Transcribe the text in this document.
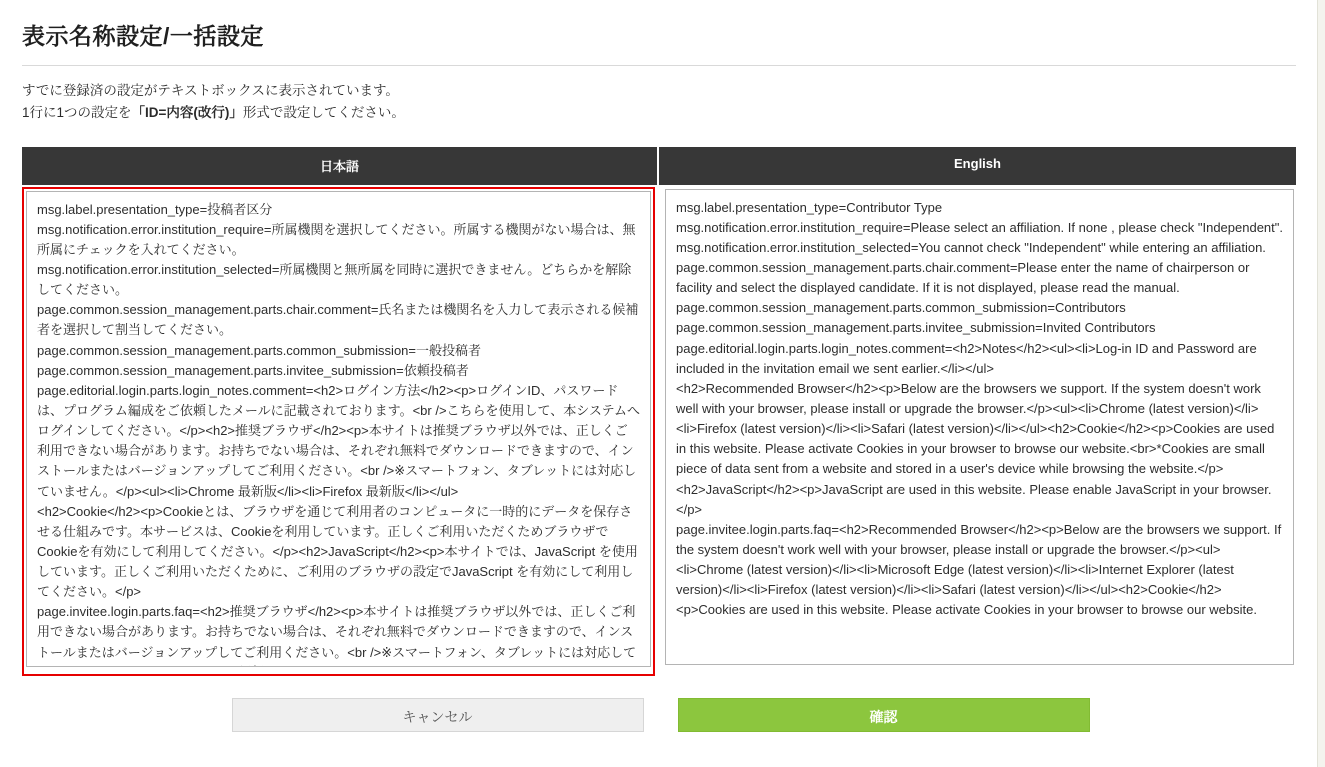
表示名称設定/一括設定
すでに登録済の設定がテキストボックスに表示されています。
1行に1つの設定を「ID=内容(改行)」形式で設定してください。
日本語	English
msg.label.presentation_type=投稿者区分 msg.notification.error.institution_require=所属機関を選択してください。所属する機関がない場合は、無所属にチェックを入れてください。 msg.notification.error.institution_selected=所属機関と無所属を同時に選択できません。どちらかを解除してください。 page.common.session_management.parts.chair.comment=氏名または機関名を入力して表示される候補者を選択して割当してください。 page.common.session_management.parts.common_submission=一般投稿者 page.common.session_management.parts.invitee_submission=依頼投稿者 page.editorial.login.parts.login_notes.comment=<h2>ログイン方法</h2><p>ログインID、パスワードは、プログラム編成をご依頼したメールに記載されております。<br />こちらを使用して、本システムへログインしてください。</p><h2>推奨ブラウザ</h2><p>本サイトは推奨ブラウザ以外では、正しくご利用できない場合があります。お持ちでない場合は、それぞれ無料でダウンロードできますので、インストールまたはバージョンアップしてご利用ください。<br />※スマートフォン、タブレットには対応していません。</p><ul><li>Chrome 最新版</li><li>Firefox 最新版</li></ul> <h2>Cookie</h2><p>Cookieとは、ブラウザを通じて利用者のコンピュータに一時的にデータを保存させる仕組みです。本サービスは、Cookieを利用しています。正しくご利用いただくためブラウザでCookieを有効にして利用してください。</p><h2>JavaScript</h2><p>本サイトでは、JavaScript を使用しています。正しくご利用いただくために、ご利用のブラウザの設定でJavaScript を有効にして利用してください。</p> page.invitee.login.parts.faq=<h2>推奨ブラウザ</h2><p>本サイトは推奨ブラウザ以外では、正しくご利用できない場合があります。お持ちでない場合は、それぞれ無料でダウンロードできますので、インストールまたはバージョンアップしてご利用ください。<br />※スマートフォン、タブレットには対応していません。</p><ul><li>Chrome 最新版</li> <li>Microsoft Edge 最新版</li><li>Internet Explorer 最新版</li><li>Firefox 最新版</li>
msg.label.presentation_type=Contributor Type msg.notification.error.institution_require=Please select an affiliation. If none , please check "Independent". msg.notification.error.institution_selected=You cannot check "Independent" while entering an affiliation. page.common.session_management.parts.chair.comment=Please enter the name of chairperson or facility and select the displayed candidate. If it is not displayed, please read the manual. page.common.session_management.parts.common_submission=Contributors page.common.session_management.parts.invitee_submission=Invited Contributors page.editorial.login.parts.login_notes.comment=<h2>Notes</h2><ul><li>Log-in ID and Password are included in the invitation email we sent earlier.</li></ul> <h2>Recommended Browser</h2><p>Below are the browsers we support. If the system doesn't work well with your browser, please install or upgrade the browser.</p><ul><li>Chrome (latest version)</li><li>Firefox (latest version)</li><li>Safari (latest version)</li></ul><h2>Cookie</h2><p>Cookies are used in this website. Please activate Cookies in your browser to browse our website.<br>*Cookies are small piece of data sent from a website and stored in a user's device while browsing the website.</p><h2>JavaScript</h2><p>JavaScript are used in this website. Please enable JavaScript in your browser.</p> page.invitee.login.parts.faq=<h2>Recommended Browser</h2><p>Below are the browsers we support. If the system doesn't work well with your browser, please install or upgrade the browser.</p><ul><li>Chrome (latest version)</li><li>Microsoft Edge (latest version)</li><li>Internet Explorer (latest version)</li><li>Firefox (latest version)</li><li>Safari (latest version)</li></ul><h2>Cookie</h2><p>Cookies are used in this website. Please activate Cookies in your browser to browse our website.
キャンセル	確認
